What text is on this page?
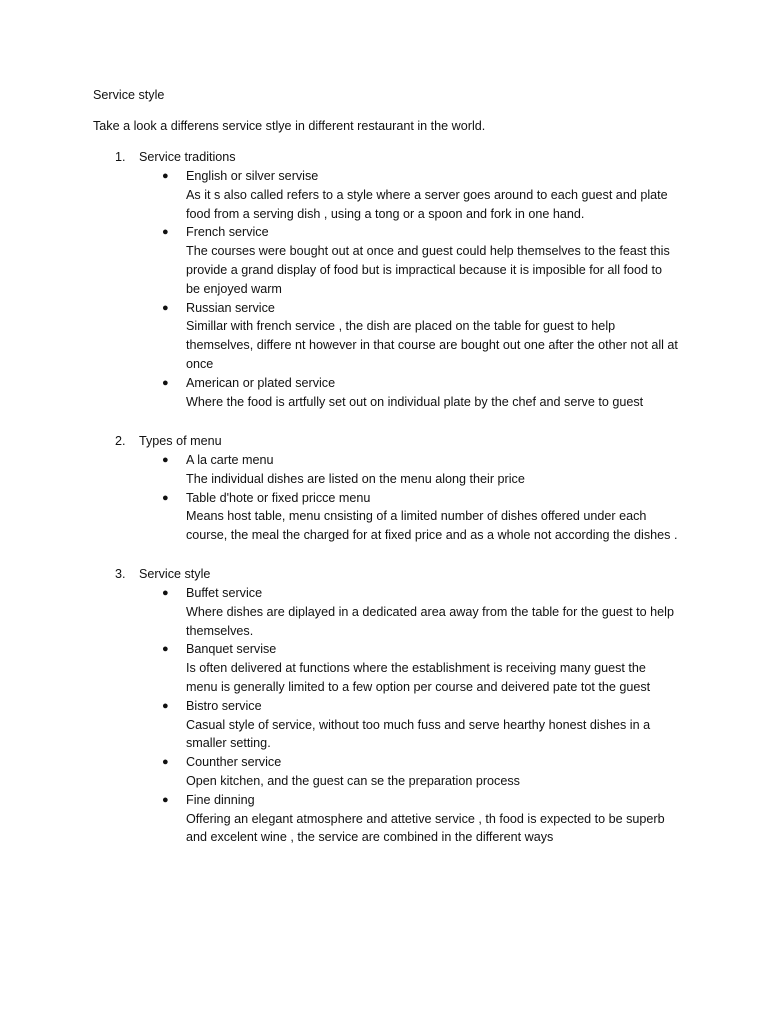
Service style

Take a look a differens service stlye in different restaurant in the world.

1. Service traditions
● English or silver servise
As it s also called refers to a style where a server goes around to each guest and plate food from a serving dish , using a tong or a spoon and fork in one hand.
● French service
The courses were bought out at once and guest could help themselves to the feast this provide a grand display of food but is impractical because it is imposible for all food to be enjoyed warm
● Russian service
Simillar with french service , the dish are placed on the table for guest to help themselves, differe nt however in that course are bought out one after the other not all at once
● American or plated service
Where the food is artfully set out on individual plate by the chef and serve to guest
2. Types of menu
● A la carte menu
The individual dishes are listed on the menu along their price
● Table d'hote or fixed pricce menu
Means host table, menu cnsisting of a limited number of dishes offered under each course, the meal the charged for at fixed price and as a whole not according the dishes .
3. Service style
● Buffet service
Where dishes are diplayed in a dedicated area away from the table for the guest to help themselves.
● Banquet servise
Is often delivered at functions where the establishment is receiving many guest the menu is generally limited to a few option per course and deivered pate tot the guest
● Bistro service
Casual style of service, without too much fuss and serve hearthy honest dishes in a smaller setting.
● Counther service
Open kitchen, and the guest can se the preparation process
● Fine dinning
Offering an elegant atmosphere and attetive service , th food is expected to be superb and excelent wine , the service are combined in the different ways
